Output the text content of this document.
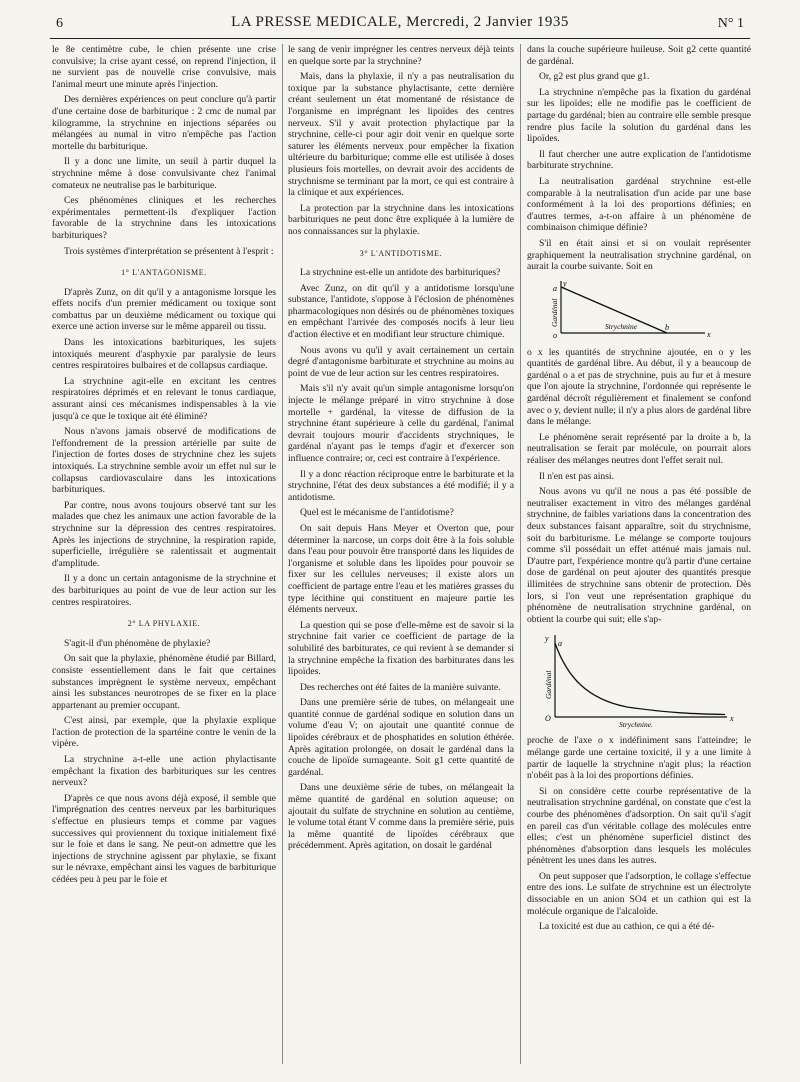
6	LA PRESSE MEDICALE, Mercredi, 2 Janvier 1935	N° 1

le 8e centimètre cube, le chien présente une crise convulsive; la crise ayant cessé, on reprend l'injection, il ne survient pas de nouvelle crise convulsive, mais l'animal meurt une minute après l'injection.

Des dernières expériences on peut conclure qu'à partir d'une certaine dose de barbiturique : 2 cmc de numal par kilogramme, la strychnine en injections séparées ou mélangées au numal in vitro n'empêche pas l'action mortelle du barbiturique.

Il y a donc une limite, un seuil à partir duquel la strychnine même à dose convulsivante chez l'animal comateux ne neutralise pas le barbiturique.

Ces phénomènes cliniques et les recherches expérimentales permettent-ils d'expliquer l'action favorable de la strychnine dans les intoxications barbituriques?

Trois systèmes d'interprétation se présentent à l'esprit :

1° L'ANTAGONISME.

D'après Zunz, on dit qu'il y a antagonisme lorsque les effets nocifs d'un premier médicament ou toxique sont combattus par un deuxième médicament ou toxique qui exerce une action inverse sur le même appareil ou tissu.

Dans les intoxications barbituriques, les sujets intoxiqués meurent d'asphyxie par paralysie de leurs centres respiratoires bulbaires et de collapsus cardiaque.

La strychnine agit-elle en excitant les centres respiratoires déprimés et en relevant le tonus cardiaque, assurant ainsi ces mécanismes indispensables à la vie jusqu'à ce que le toxique ait été éliminé?

Nous n'avons jamais observé de modifications de l'effondrement de la pression artérielle par suite de l'injection de fortes doses de strychnine chez les sujets intoxiqués. La strychnine semble avoir un effet nul sur le collapsus cardiovasculaire dans les intoxications barbituriques.

Par contre, nous avons toujours observé tant sur les malades que chez les animaux une action favorable de la strychnine sur la dépression des centres respiratoires. Après les injections de strychnine, la respiration rapide, superficielle, irrégulière se ralentissait et augmentait d'amplitude.

Il y a donc un certain antagonisme de la strychnine et des barbituriques au point de vue de leur action sur les centres respiratoires.

2° LA PHYLAXIE.

S'agit-il d'un phénomène de phylaxie?

On sait que la phylaxie, phénomène étudié par Billard, consiste essentiellement dans le fait que certaines substances imprègnent le système nerveux, empêchant ainsi les substances neurotropes de se fixer en la place appartenant au premier occupant.

C'est ainsi, par exemple, que la phylaxie explique l'action de protection de la spartéine contre le venin de la vipère.

La strychnine a-t-elle une action phylactisante empêchant la fixation des barbituriques sur les centres nerveux?

D'après ce que nous avons déjà exposé, il semble que l'imprégnation des centres nerveux par les barbituriques s'effectue en plusieurs temps et comme par vagues successives qui proviennent du toxique initialement fixé sur le foie et dans le sang. Ne peut-on admettre que les injections de strychnine agissent par phylaxie, se fixant sur le névraxe, empêchant ainsi les vagues de barbiturique cédées peu à peu par le foie et

le sang de venir imprégner les centres nerveux déjà teints en quelque sorte par la strychnine?

Mais, dans la phylaxie, il n'y a pas neutralisation du toxique par la substance phylactisante, cette dernière créant seulement un état momentané de résistance de l'organisme en imprégnant les lipoïdes des centres nerveux. S'il y avait protection phylactique par la strychnine, celle-ci pour agir doit venir en quelque sorte saturer les éléments nerveux pour empêcher la fixation ultérieure du barbiturique; comme elle est utilisée à doses plusieurs fois mortelles, on devrait avoir des accidents de strychnisme se terminant par la mort, ce qui est contraire à la clinique et aux expériences.

La protection par la strychnine dans les intoxications barbituriques ne peut donc être expliquée à la lumière de nos connaissances sur la phylaxie.

3° L'ANTIDOTISME.

La strychnine est-elle un antidote des barbituriques?

Avec Zunz, on dit qu'il y a antidotisme lorsqu'une substance, l'antidote, s'oppose à l'éclosion de phénomènes pharmacologiques non désirés ou de phénomènes toxiques en empêchant l'arrivée des composés nocifs à leur lieu d'action élective et en modifiant leur structure chimique.

Nous avons vu qu'il y avait certainement un certain degré d'antagonisme barbiturate et strychnine au moins au point de vue de leur action sur les centres respiratoires.

Mais s'il n'y avait qu'un simple antagonisme lorsqu'on injecte le mélange préparé in vitro strychnine à dose mortelle + gardénal, la vitesse de diffusion de la strychnine étant supérieure à celle du gardénal, l'animal devrait toujours mourir d'accidents strychniques, le gardénal n'ayant pas le temps d'agir et d'exercer son influence contraire; or, ceci est contraire à l'expérience.

Il y a donc réaction réciproque entre le barbiturate et la strychnine, l'état des deux substances a été modifié; il y a antidotisme.

Quel est le mécanisme de l'antidotisme?

On sait depuis Hans Meyer et Overton que, pour déterminer la narcose, un corps doit être à la fois soluble dans l'eau pour pouvoir être transporté dans les liquides de l'organisme et soluble dans les lipoïdes pour pouvoir se fixer sur les cellules nerveuses; il existe alors un coefficient de partage entre l'eau et les matières grasses du type lécithine qui constituent en majeure partie les éléments nerveux.

La question qui se pose d'elle-même est de savoir si la strychnine fait varier ce coefficient de partage de la solubilité des barbiturates, ce qui revient à se demander si la strychnine empêche la fixation des barbiturates dans les lipoïdes.

Des recherches ont été faites de la manière suivante.

Dans une première série de tubes, on mélangeait une quantité connue de gardénal sodique en solution dans un volume d'eau V; on ajoutait une quantité connue de lipoïdes cérébraux et de phosphatides en solution éthérée. Après agitation prolongée, on dosait le gardénal dans la couche de lipoïde surnageante. Soit g1 cette quantité de gardénal.

Dans une deuxième série de tubes, on mélangeait la même quantité de gardénal en solution aqueuse; on ajoutait du sulfate de strychnine en solution au centième, le volume total étant V comme dans la première série, puis la même quantité de lipoïdes cérébraux que précédemment. Après agitation, on dosait le gardénal

dans la couche supérieure huileuse. Soit g2 cette quantité de gardénal.

Or, g2 est plus grand que g1.

La strychnine n'empêche pas la fixation du gardénal sur les lipoïdes; elle ne modifie pas le coefficient de partage du gardénal; bien au contraire elle semble presque rendre plus facile la solution du gardénal dans les lipoïdes.

Il faut chercher une autre explication de l'antidotisme barbiturate strychnine.

La neutralisation gardénal strychnine est-elle comparable à la neutralisation d'un acide par une base conformément à la loi des proportions définies; en d'autres termes, a-t-on affaire à un phénomène de combinaison chimique définie?

S'il en était ainsi et si on voulait représenter graphiquement la neutralisation strychnine gardénal, on aurait la courbe suivante. Soit en

y
a
o
b
x
Strychnine
Gardénal

o x les quantités de strychnine ajoutée, en o y les quantités de gardénal libre. Au début, il y a beaucoup de gardénal o a et pas de strychnine, puis au fur et à mesure que l'on ajoute la strychnine, l'ordonnée qui représente le gardénal décroît régulièrement et finalement se confond avec o y, devient nulle; il n'y a plus alors de gardénal libre dans le mélange.

Le phénomène serait représenté par la droite a b, la neutralisation se ferait par molécule, on pourrait alors réaliser des mélanges neutres dont l'effet serait nul.

Il n'en est pas ainsi.

Nous avons vu qu'il ne nous a pas été possible de neutraliser exactement in vitro des mélanges gardénal strychnine, de faibles variations dans la concentration des deux substances faisant apparaître, soit du strychnisme, soit du barbiturisme. Le mélange se comporte toujours comme s'il possédait un effet atténué mais jamais nul. D'autre part, l'expérience montre qu'à partir d'une certaine dose de gardénal on peut ajouter des quantités presque illimitées de strychnine sans obtenir de protection. Dès lors, si l'on veut une représentation graphique du phénomène de neutralisation strychnine gardénal, on obtient la courbe qui suit; elle s'ap-

y
a
O	x
Strychnine.
Gardénal

proche de l'axe o x indéfiniment sans l'atteindre; le mélange garde une certaine toxicité, il y a une limite à partir de laquelle la strychnine n'agit plus; la réaction n'obéit pas à la loi des proportions définies.

Si on considère cette courbe représentative de la neutralisation strychnine gardénal, on constate que c'est la courbe des phénomènes d'adsorption. On sait qu'il s'agit en pareil cas d'un véritable collage des molécules entre elles; c'est un phénomène superficiel distinct des phénomènes d'absorption dans lesquels les molécules pénètrent les unes dans les autres.

On peut supposer que l'adsorption, le collage s'effectue entre des ions. Le sulfate de strychnine est un électrolyte dissociable en un anion SO4 et un cathion qui est la molécule organique de l'alcaloïde.

La toxicité est due au cathion, ce qui a été dé-
